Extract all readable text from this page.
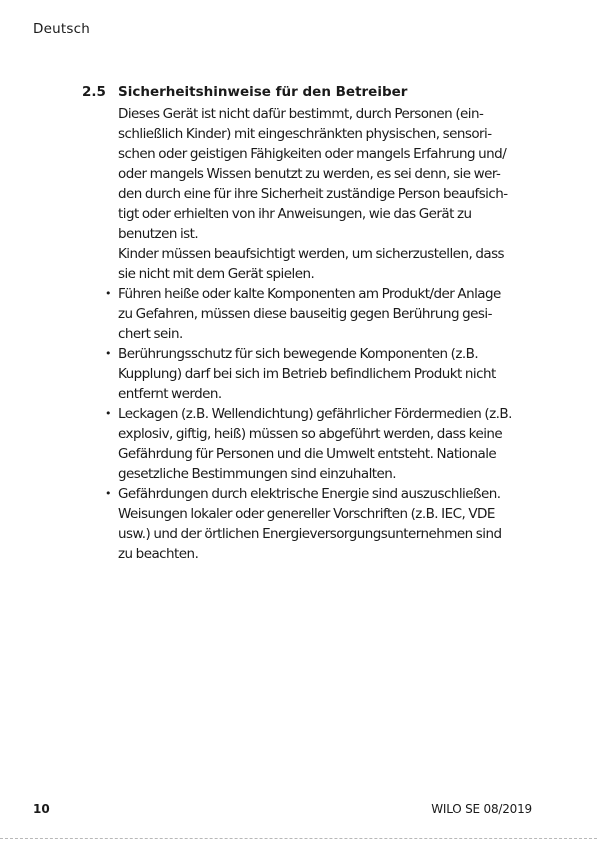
Deutsch
2.5 Sicherheitshinweise für den Betreiber
Dieses Gerät ist nicht dafür bestimmt, durch Personen (ein-
schließlich Kinder) mit eingeschränkten physischen, sensori-
schen oder geistigen Fähigkeiten oder mangels Erfahrung und/
oder mangels Wissen benutzt zu werden, es sei denn, sie wer-
den durch eine für ihre Sicherheit zuständige Person beaufsich-
tigt oder erhielten von ihr Anweisungen, wie das Gerät zu
benutzen ist.
Kinder müssen beaufsichtigt werden, um sicherzustellen, dass
sie nicht mit dem Gerät spielen.
• Führen heiße oder kalte Komponenten am Produkt/der Anlage
zu Gefahren, müssen diese bauseitig gegen Berührung gesi-
chert sein.
• Berührungsschutz für sich bewegende Komponenten (z.B.
Kupplung) darf bei sich im Betrieb befindlichem Produkt nicht
entfernt werden.
• Leckagen (z.B. Wellendichtung) gefährlicher Fördermedien (z.B.
explosiv, giftig, heiß) müssen so abgeführt werden, dass keine
Gefährdung für Personen und die Umwelt entsteht. Nationale
gesetzliche Bestimmungen sind einzuhalten.
• Gefährdungen durch elektrische Energie sind auszuschließen.
Weisungen lokaler oder genereller Vorschriften (z.B. IEC, VDE
usw.) und der örtlichen Energieversorgungsunternehmen sind
zu beachten.
10	WILO SE 08/2019
